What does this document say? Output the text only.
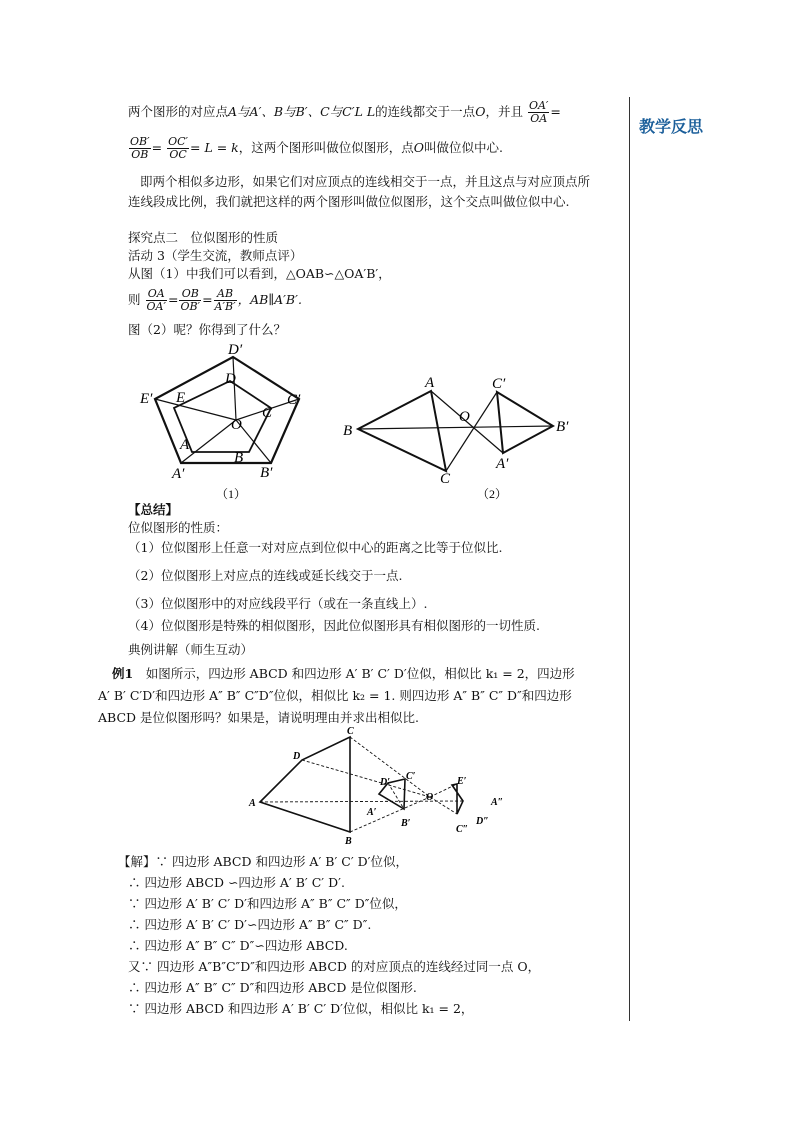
教学反思
两个图形的对应点A与A′、B与B′、C与C′L L的连线都交于一点O，并且 $\frac{OA'}{OA}$ =
$\frac{OB'}{OB} = \frac{OC'}{OC} = L = k$，这两个图形叫做位似图形，点O叫做位似中心.
即两个相似多边形，如果它们对应顶点的连线相交于一点，并且这点与对应顶点所
连线段成比例，我们就把这样的两个图形叫做位似图形，这个交点叫做位似中心.
探究点二　位似图形的性质
活动 3（学生交流，教师点评）
从图（1）中我们可以看到，△OAB∽△OA′B′，
则 $\frac{OA}{OA'} = \frac{OB}{OB'} = \frac{AB}{A'B'}$ ，AB∥A′B′.
图（2）呢？你得到了什么？
D′
D
E′ E	C′
C
O
A
A′
B
B′
（1）
A	C′
B
O
B′
C
A′
（2）
【总结】
位似图形的性质：
（1）位似图形上任意一对对应点到位似中心的距离之比等于位似比.
（2）位似图形上对应点的连线或延长线交于一点.
（3）位似图形中的对应线段平行（或在一条直线上）.
（4）位似图形是特殊的相似图形，因此位似图形具有相似图形的一切性质.
典例讲解（师生互动）
例1  如图所示，四边形 ABCD 和四边形 A′ B′ C′ D′位似，相似比 k₁ = 2，四边形
A′ B′ C′D′和四边形 A″ B″ C″D″位似，相似比 k₂ = 1. 则四边形 A″ B″ C″ D″和四边形
ABCD 是位似图形吗？如果是，请说明理由并求出相似比.
A
B
C
D
D′
C′
A′
B′
O
E′
A″
C″
D″
【解】∵ 四边形 ABCD 和四边形 A′ B′ C′ D′位似，
∴ 四边形 ABCD ∽四边形 A′ B′ C′ D′.
∵ 四边形 A′ B′ C′ D′和四边形 A″ B″ C″ D″位似，
∴ 四边形 A′ B′ C′ D′∽四边形 A″ B″ C″ D″.
∴ 四边形 A″ B″ C″ D″∽四边形 ABCD.
又∵ 四边形 A″B″C″D″和四边形 ABCD 的对应顶点的连线经过同一点 O，
∴ 四边形 A″ B″ C″ D″和四边形 ABCD 是位似图形.
∵ 四边形 ABCD 和四边形 A′ B′ C′ D′位似，相似比 k₁ = 2，
